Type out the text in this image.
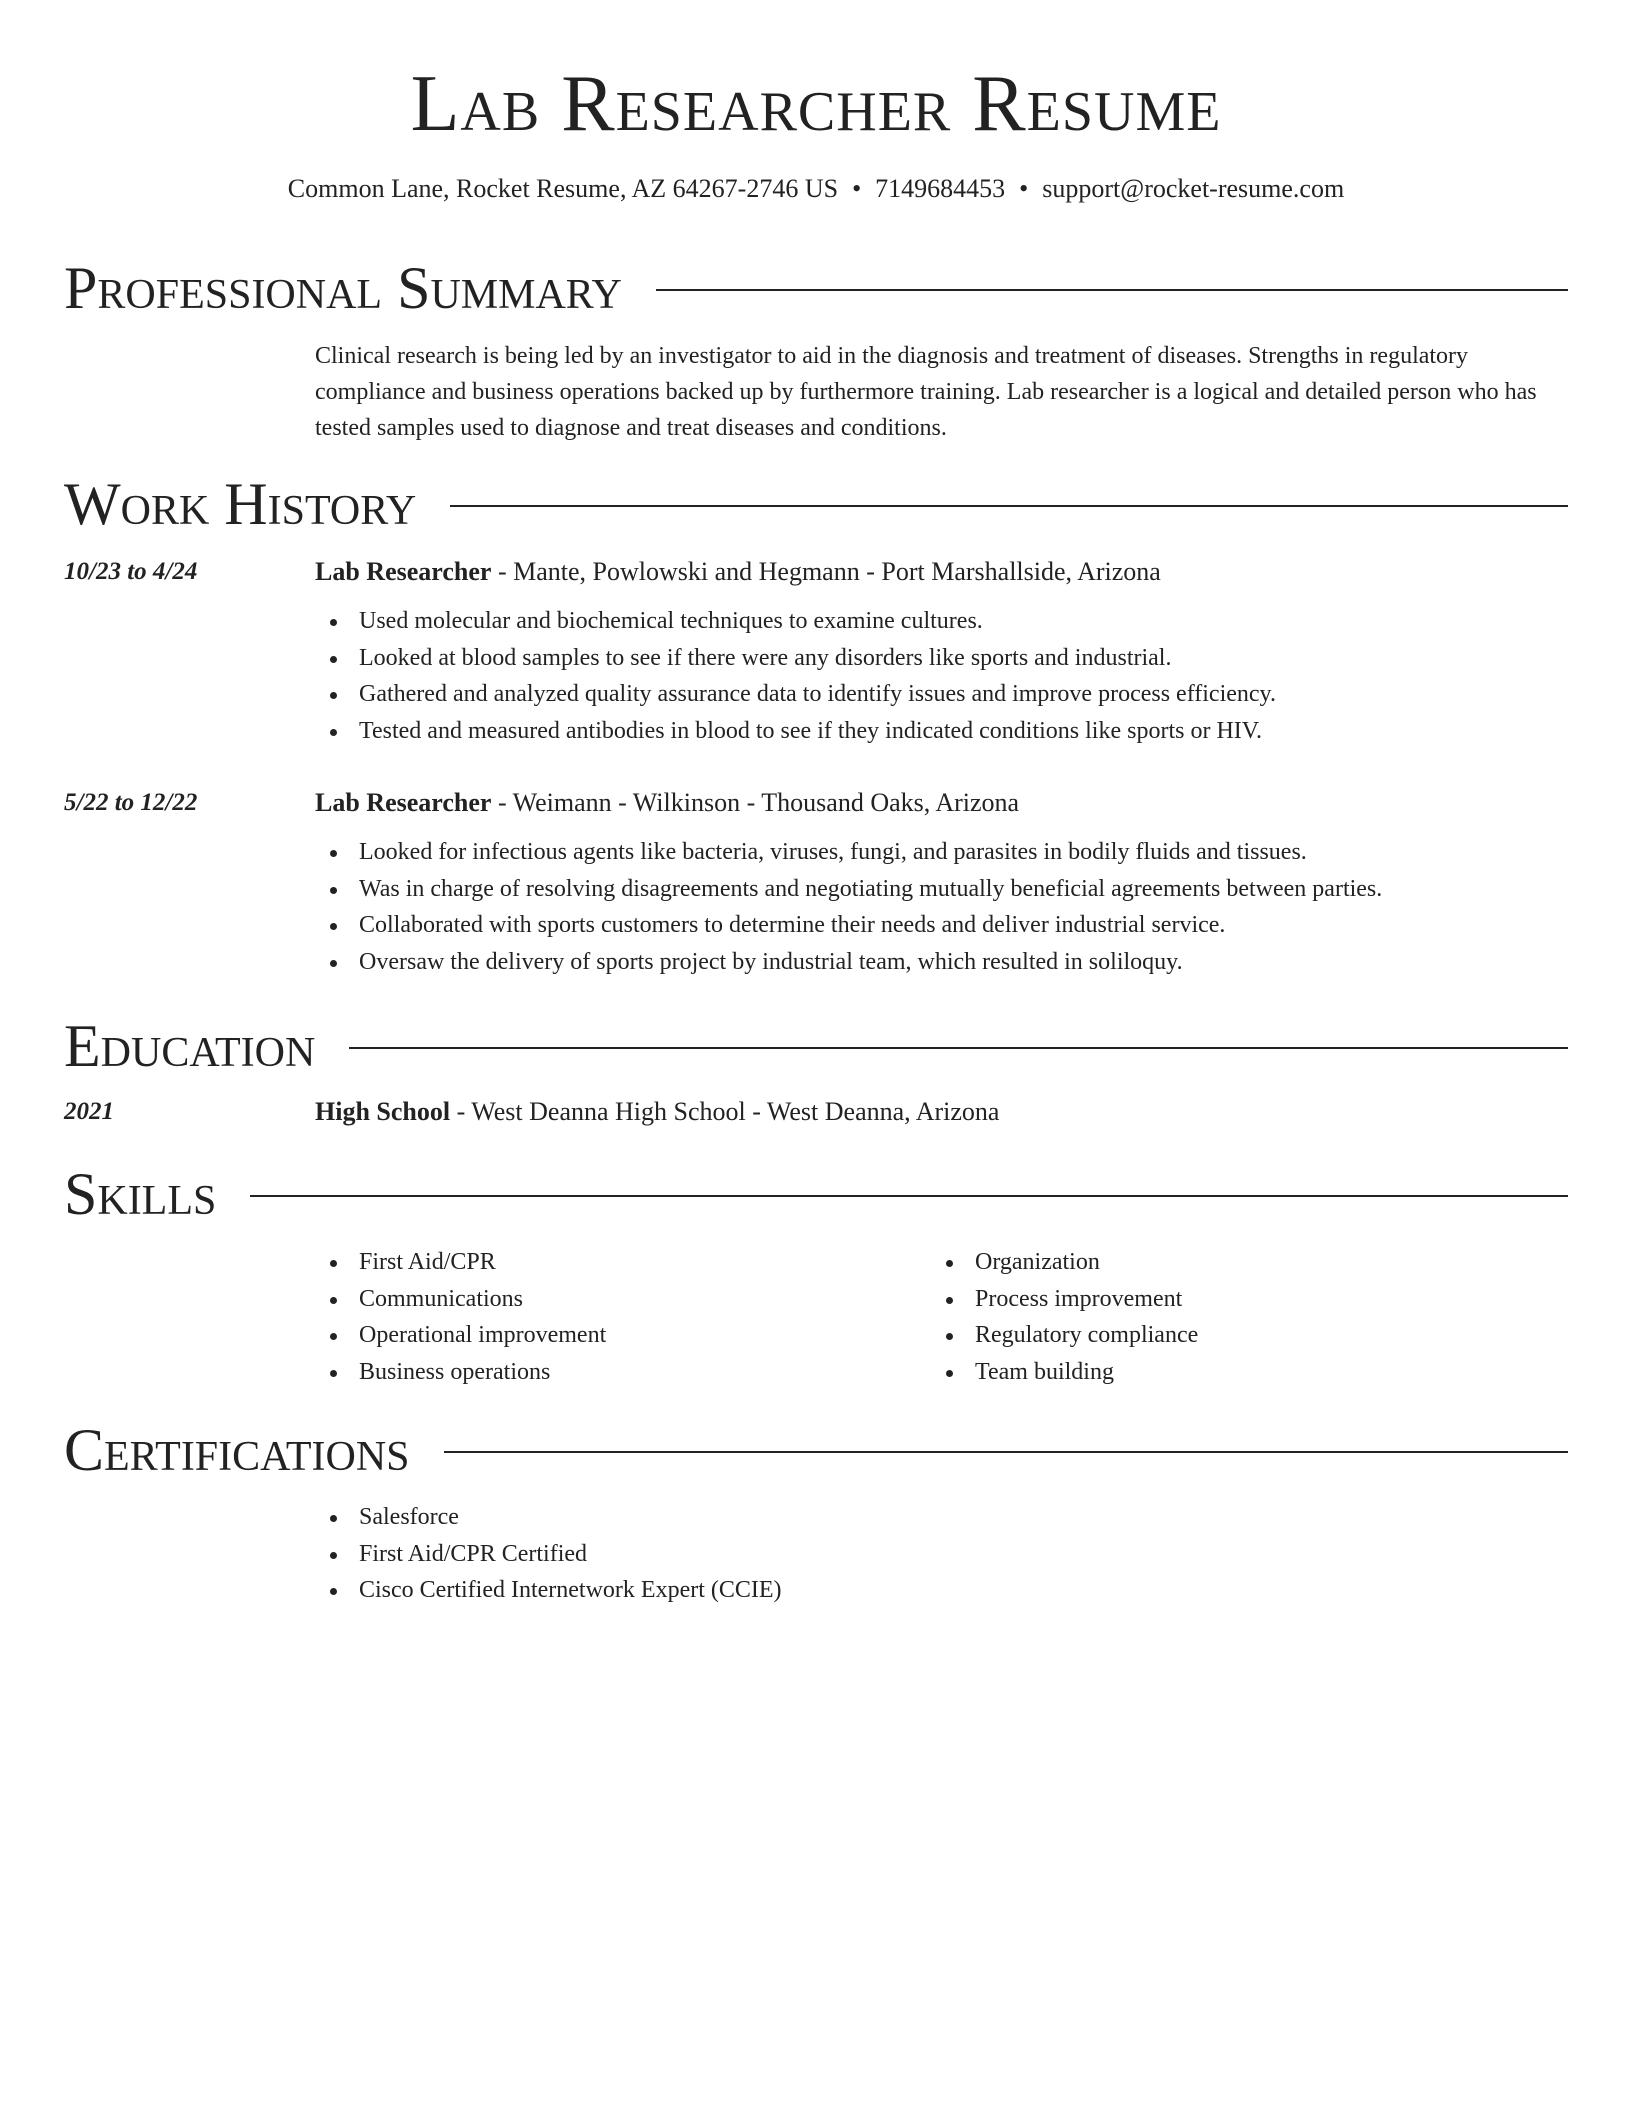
Lab Researcher Resume
Common Lane, Rocket Resume, AZ 64267-2746 US • 7149684453 • support@rocket-resume.com
Professional Summary
Clinical research is being led by an investigator to aid in the diagnosis and treatment of diseases. Strengths in regulatory compliance and business operations backed up by furthermore training. Lab researcher is a logical and detailed person who has tested samples used to diagnose and treat diseases and conditions.
Work History
10/23 to 4/24	Lab Researcher - Mante, Powlowski and Hegmann - Port Marshallside, Arizona
Used molecular and biochemical techniques to examine cultures.
Looked at blood samples to see if there were any disorders like sports and industrial.
Gathered and analyzed quality assurance data to identify issues and improve process efficiency.
Tested and measured antibodies in blood to see if they indicated conditions like sports or HIV.
5/22 to 12/22	Lab Researcher - Weimann - Wilkinson - Thousand Oaks, Arizona
Looked for infectious agents like bacteria, viruses, fungi, and parasites in bodily fluids and tissues.
Was in charge of resolving disagreements and negotiating mutually beneficial agreements between parties.
Collaborated with sports customers to determine their needs and deliver industrial service.
Oversaw the delivery of sports project by industrial team, which resulted in soliloquy.
Education
2021	High School - West Deanna High School - West Deanna, Arizona
Skills
First Aid/CPR
Communications
Operational improvement
Business operations
Organization
Process improvement
Regulatory compliance
Team building
Certifications
Salesforce
First Aid/CPR Certified
Cisco Certified Internetwork Expert (CCIE)
